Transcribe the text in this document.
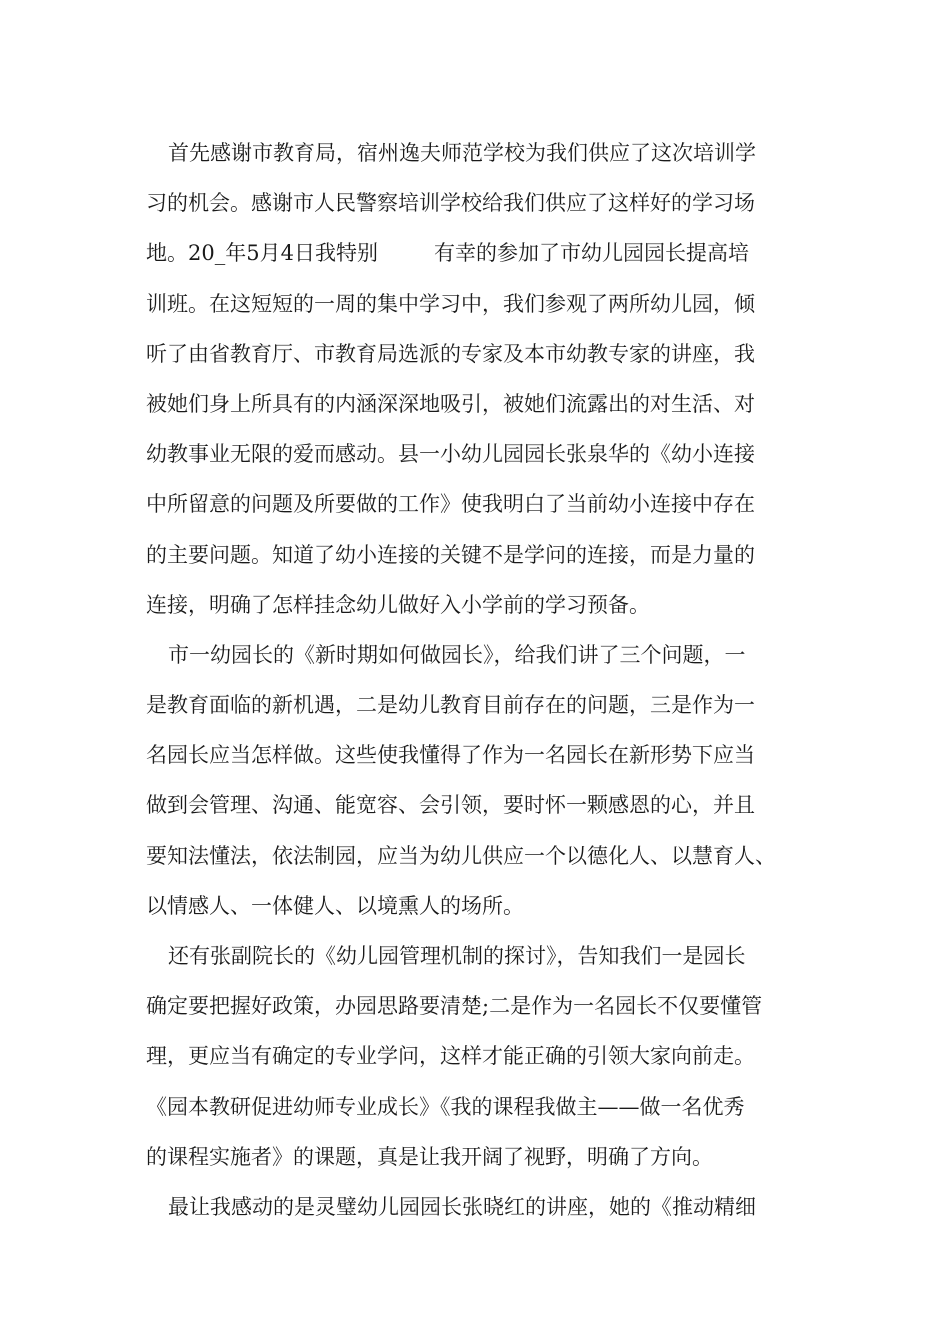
首先感谢市教育局，宿州逸夫师范学校为我们供应了这次培训学
习的机会。感谢市人民警察培训学校给我们供应了这样好的学习场
地。20_年5月4日我特别	有幸的参加了市幼儿园园长提高培
训班。在这短短的一周的集中学习中，我们参观了两所幼儿园，倾
听了由省教育厅、市教育局选派的专家及本市幼教专家的讲座，我
被她们身上所具有的内涵深深地吸引，被她们流露出的对生活、对
幼教事业无限的爱而感动。县一小幼儿园园长张泉华的《幼小连接
中所留意的问题及所要做的工作》使我明白了当前幼小连接中存在
的主要问题。知道了幼小连接的关键不是学问的连接，而是力量的
连接，明确了怎样挂念幼儿做好入小学前的学习预备。
市一幼园长的《新时期如何做园长》，给我们讲了三个问题，一
是教育面临的新机遇，二是幼儿教育目前存在的问题，三是作为一
名园长应当怎样做。这些使我懂得了作为一名园长在新形势下应当
做到会管理、沟通、能宽容、会引领，要时怀一颗感恩的心，并且
要知法懂法，依法制园，应当为幼儿供应一个以德化人、以慧育人、
以情感人、一体健人、以境熏人的场所。
还有张副院长的《幼儿园管理机制的探讨》，告知我们一是园长
确定要把握好政策，办园思路要清楚;二是作为一名园长不仅要懂管
理，更应当有确定的专业学问，这样才能正确的引领大家向前走。
《园本教研促进幼师专业成长》《我的课程我做主——做一名优秀
的课程实施者》的课题，真是让我开阔了视野，明确了方向。
最让我感动的是灵璧幼儿园园长张晓红的讲座，她的《推动精细
